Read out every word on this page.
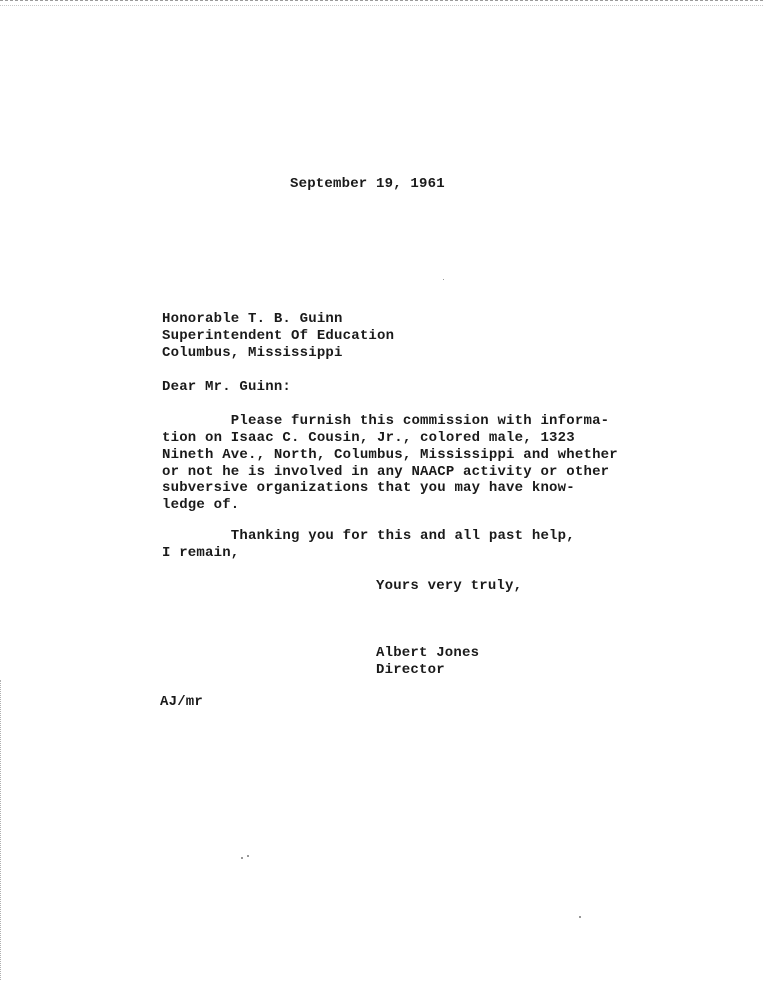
September 19, 1961
Honorable T. B. Guinn
Superintendent Of Education
Columbus, Mississippi
Dear Mr. Guinn:
Please furnish this commission with informa-
tion on Isaac C. Cousin, Jr., colored male, 1323
Nineth Ave., North, Columbus, Mississippi and whether
or not he is involved in any NAACP activity or other
subversive organizations that you may have know-
ledge of.
Thanking you for this and all past help,
I remain,
Yours very truly,
Albert Jones
Director
AJ/mr
